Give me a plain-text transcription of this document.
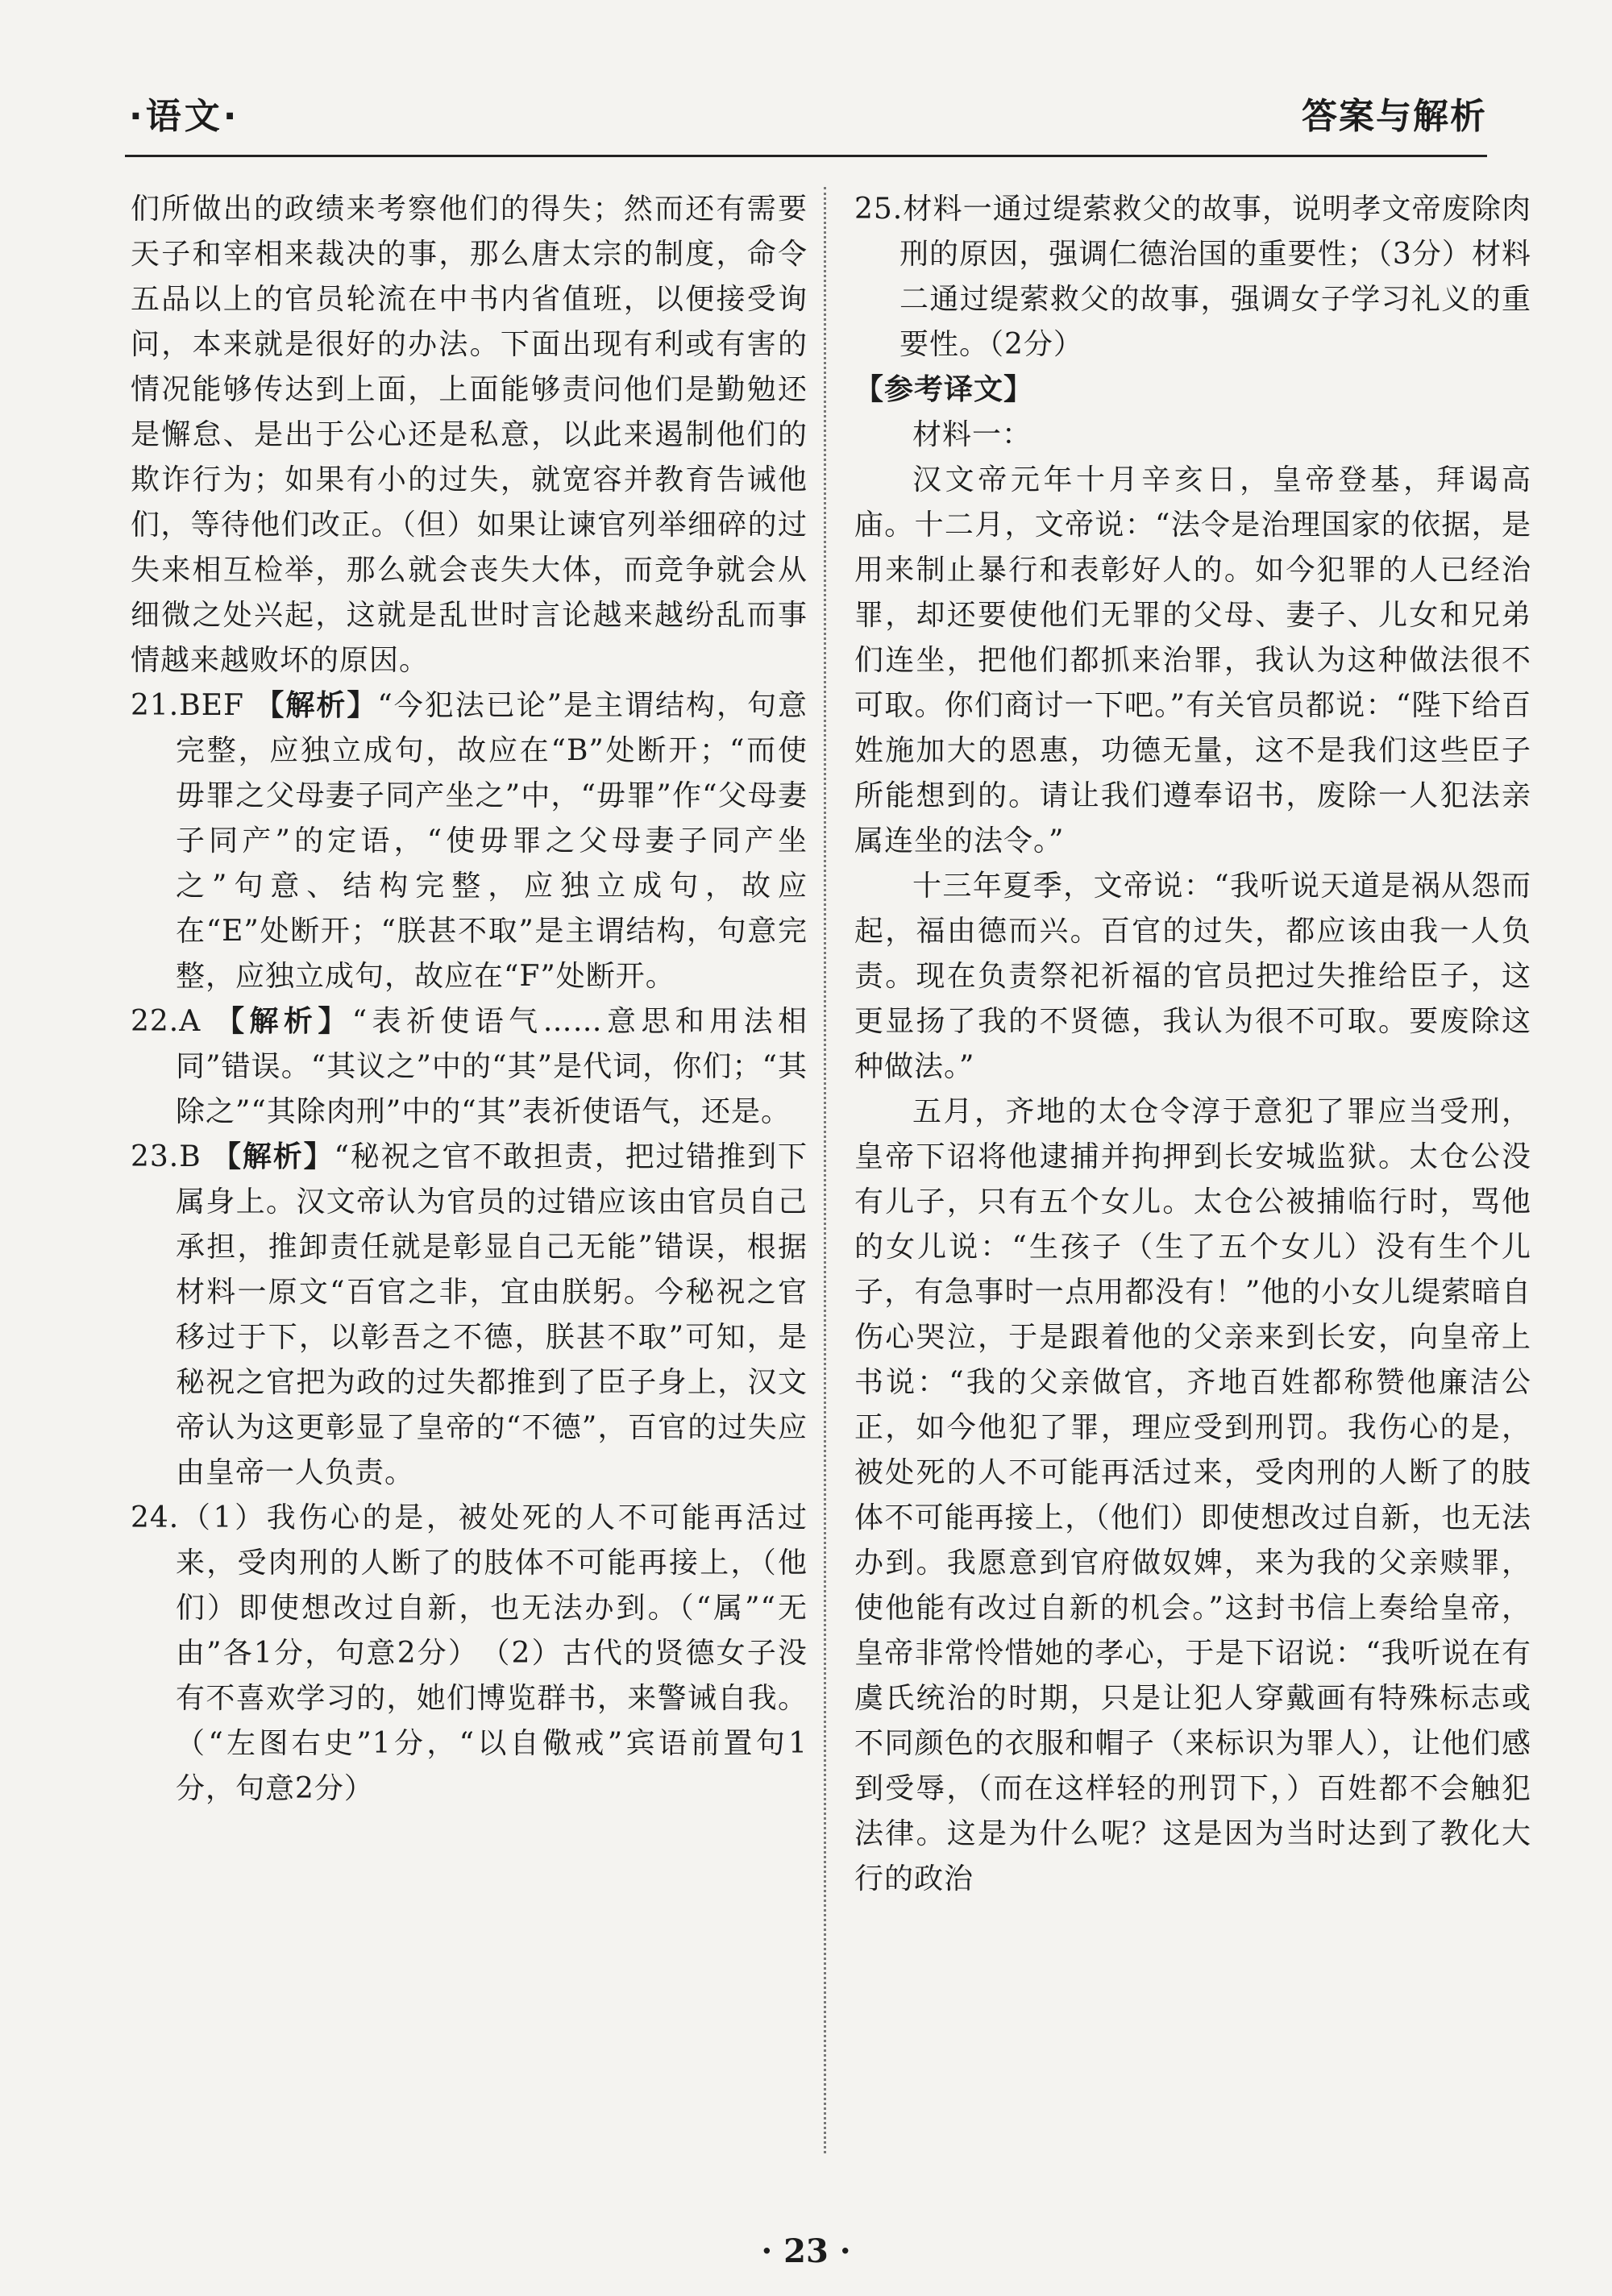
·语文·	答案与解析

们所做出的政绩来考察他们的得失；然而还有需要天子和宰相来裁决的事，那么唐太宗的制度，命令五品以上的官员轮流在中书内省值班，以便接受询问，本来就是很好的办法。下面出现有利或有害的情况能够传达到上面，上面能够责问他们是勤勉还是懈怠、是出于公心还是私意，以此来遏制他们的欺诈行为；如果有小的过失，就宽容并教育告诫他们，等待他们改正。（但）如果让谏官列举细碎的过失来相互检举，那么就会丧失大体，而竞争就会从细微之处兴起，这就是乱世时言论越来越纷乱而事情越来越败坏的原因。

21.BEF 【解析】“今犯法已论”是主谓结构，句意完整，应独立成句，故应在“B”处断开；“而使毋罪之父母妻子同产坐之”中，“毋罪”作“父母妻子同产”的定语，“使毋罪之父母妻子同产坐之”句意、结构完整，应独立成句，故应在“E”处断开；“朕甚不取”是主谓结构，句意完整，应独立成句，故应在“F”处断开。

22.A 【解析】“表祈使语气……意思和用法相同”错误。“其议之”中的“其”是代词，你们；“其除之”“其除肉刑”中的“其”表祈使语气，还是。

23.B 【解析】“秘祝之官不敢担责，把过错推到下属身上。汉文帝认为官员的过错应该由官员自己承担，推卸责任就是彰显自己无能”错误，根据材料一原文“百官之非，宜由朕躬。今秘祝之官移过于下，以彰吾之不德，朕甚不取”可知，是秘祝之官把为政的过失都推到了臣子身上，汉文帝认为这更彰显了皇帝的“不德”，百官的过失应由皇帝一人负责。

24.（1）我伤心的是，被处死的人不可能再活过来，受肉刑的人断了的肢体不可能再接上，（他们）即使想改过自新，也无法办到。（“属”“无由”各1分，句意2分）　（2）古代的贤德女子没有不喜欢学习的，她们博览群书，来警诫自我。（“左图右史”1分，“以自儆戒”宾语前置句1分，句意2分）

25.材料一通过缇萦救父的故事，说明孝文帝废除肉刑的原因，强调仁德治国的重要性；（3分）材料二通过缇萦救父的故事，强调女子学习礼义的重要性。（2分）

【参考译文】

材料一：

汉文帝元年十月辛亥日，皇帝登基，拜谒高庙。十二月，文帝说：“法令是治理国家的依据，是用来制止暴行和表彰好人的。如今犯罪的人已经治罪，却还要使他们无罪的父母、妻子、儿女和兄弟们连坐，把他们都抓来治罪，我认为这种做法很不可取。你们商讨一下吧。”有关官员都说：“陛下给百姓施加大的恩惠，功德无量，这不是我们这些臣子所能想到的。请让我们遵奉诏书，废除一人犯法亲属连坐的法令。”

十三年夏季，文帝说：“我听说天道是祸从怨而起，福由德而兴。百官的过失，都应该由我一人负责。现在负责祭祀祈福的官员把过失推给臣子，这更显扬了我的不贤德，我认为很不可取。要废除这种做法。”

五月，齐地的太仓令淳于意犯了罪应当受刑，皇帝下诏将他逮捕并拘押到长安城监狱。太仓公没有儿子，只有五个女儿。太仓公被捕临行时，骂他的女儿说：“生孩子（生了五个女儿）没有生个儿子，有急事时一点用都没有！”他的小女儿缇萦暗自伤心哭泣，于是跟着他的父亲来到长安，向皇帝上书说：“我的父亲做官，齐地百姓都称赞他廉洁公正，如今他犯了罪，理应受到刑罚。我伤心的是，被处死的人不可能再活过来，受肉刑的人断了的肢体不可能再接上，（他们）即使想改过自新，也无法办到。我愿意到官府做奴婢，来为我的父亲赎罪，使他能有改过自新的机会。”这封书信上奏给皇帝，皇帝非常怜惜她的孝心，于是下诏说：“我听说在有虞氏统治的时期，只是让犯人穿戴画有特殊标志或不同颜色的衣服和帽子（来标识为罪人），让他们感到受辱，（而在这样轻的刑罚下，）百姓都不会触犯法律。这是为什么呢？这是因为当时达到了教化大行的政治

· 23 ·
